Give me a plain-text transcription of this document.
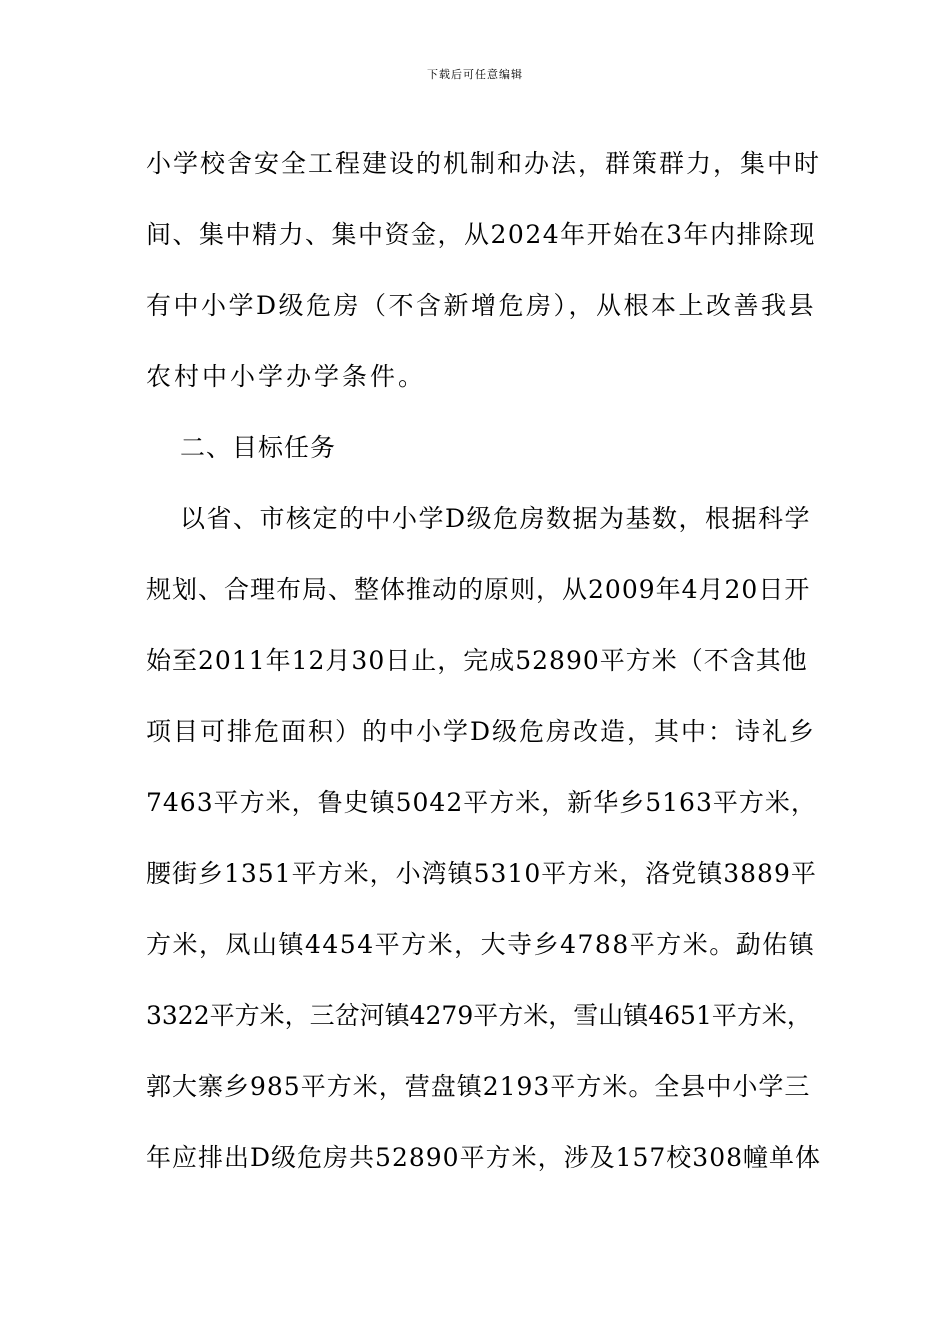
下载后可任意编辑
小学校舍安全工程建设的机制和办法，群策群力，集中时
间、集中精力、集中资金，从2024年开始在3年内排除现
有中小学D级危房（不含新增危房），从根本上改善我县
农村中小学办学条件。
二、目标任务
以省、市核定的中小学D级危房数据为基数，根据科学
规划、合理布局、整体推动的原则，从2009年4月20日开
始至2011年12月30日止，完成52890平方米（不含其他
项目可排危面积）的中小学D级危房改造，其中：诗礼乡
7463平方米，鲁史镇5042平方米，新华乡5163平方米，
腰街乡1351平方米，小湾镇5310平方米，洛党镇3889平
方米，凤山镇4454平方米，大寺乡4788平方米。勐佑镇
3322平方米，三岔河镇4279平方米，雪山镇4651平方米，
郭大寨乡985平方米，营盘镇2193平方米。全县中小学三
年应排出D级危房共52890平方米，涉及157校308幢单体
